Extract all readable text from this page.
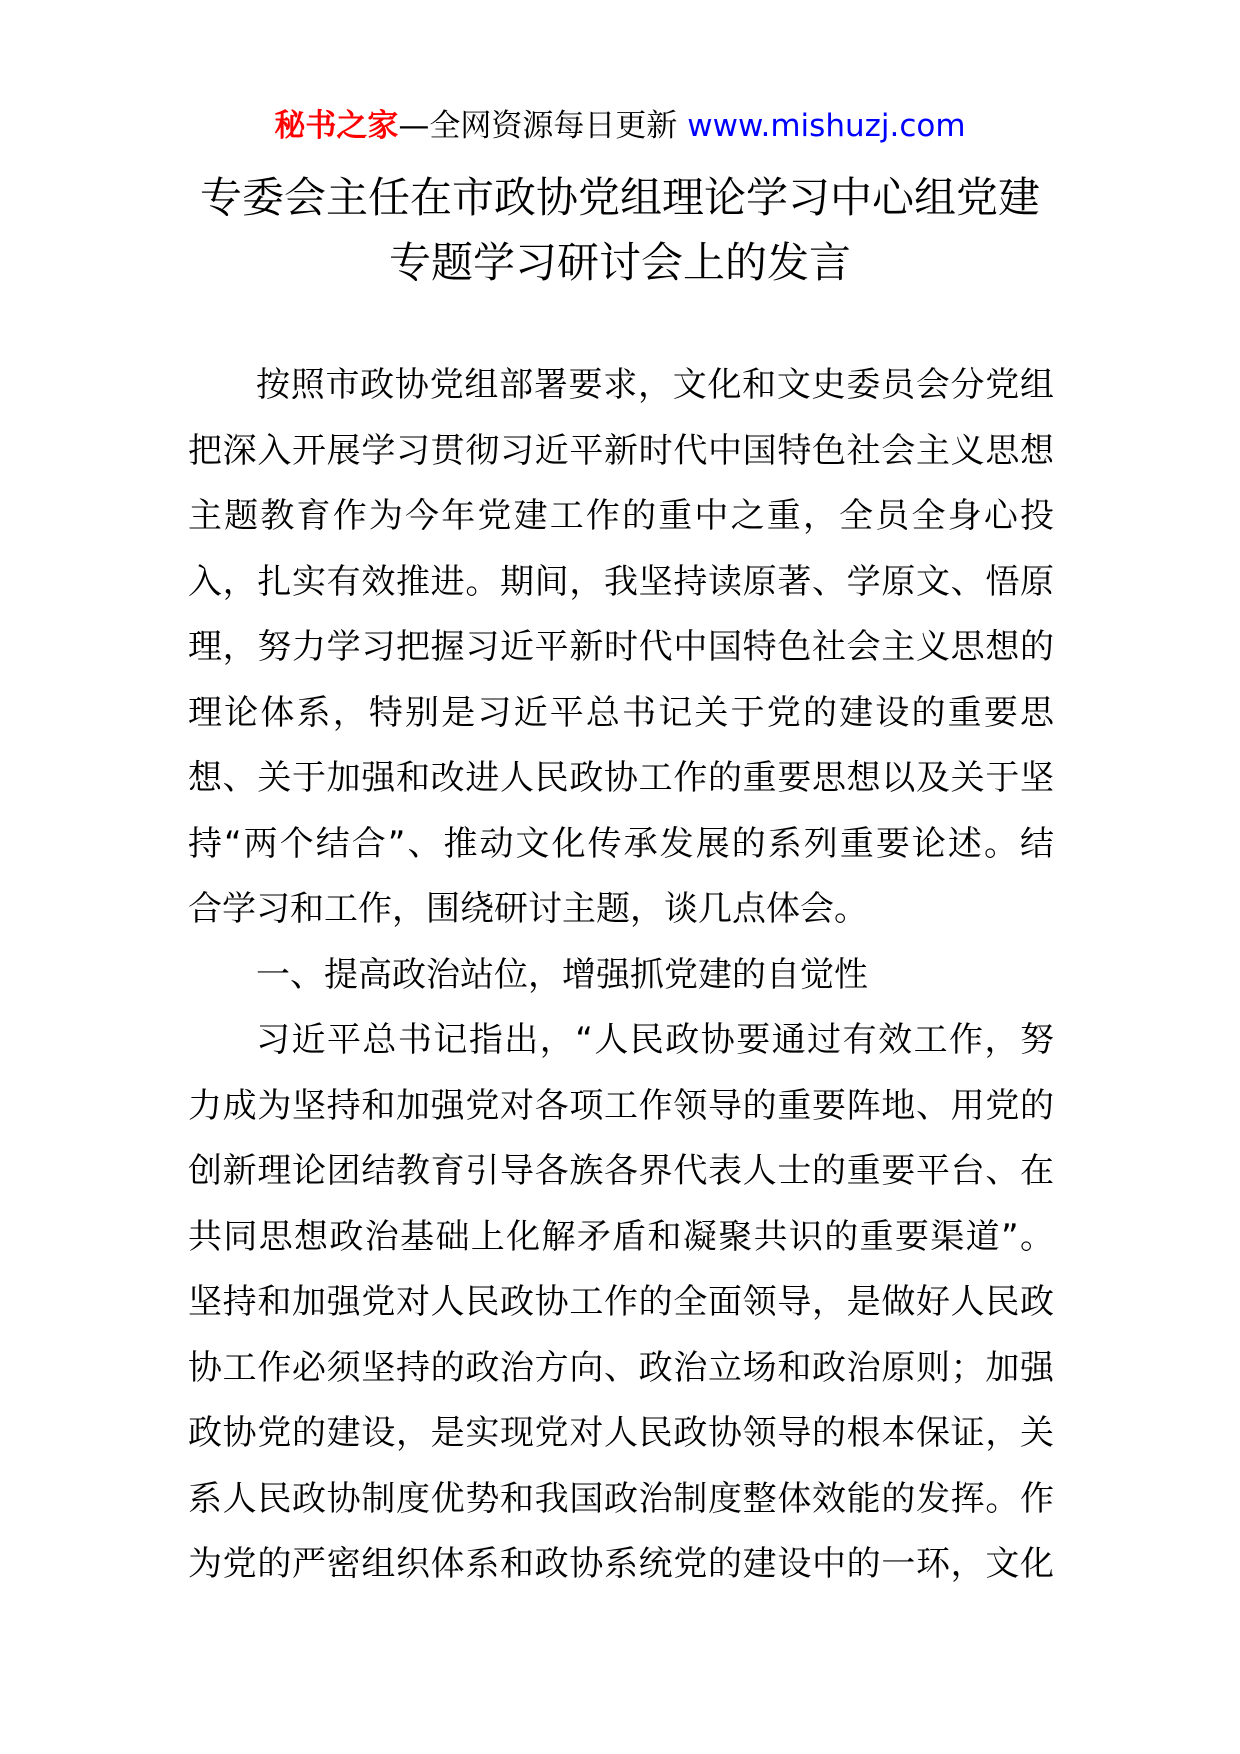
秘书之家—全网资源每日更新 www.mishuzj.com
专委会主任在市政协党组理论学习中心组党建
专题学习研讨会上的发言
按照市政协党组部署要求，文化和文史委员会分党组
把深入开展学习贯彻习近平新时代中国特色社会主义思想
主题教育作为今年党建工作的重中之重，全员全身心投
入，扎实有效推进。期间，我坚持读原著、学原文、悟原
理，努力学习把握习近平新时代中国特色社会主义思想的
理论体系，特别是习近平总书记关于党的建设的重要思
想、关于加强和改进人民政协工作的重要思想以及关于坚
持“两个结合”、推动文化传承发展的系列重要论述。结
合学习和工作，围绕研讨主题，谈几点体会。
一、提高政治站位，增强抓党建的自觉性
习近平总书记指出，“人民政协要通过有效工作，努
力成为坚持和加强党对各项工作领导的重要阵地、用党的
创新理论团结教育引导各族各界代表人士的重要平台、在
共同思想政治基础上化解矛盾和凝聚共识的重要渠道”。
坚持和加强党对人民政协工作的全面领导，是做好人民政
协工作必须坚持的政治方向、政治立场和政治原则；加强
政协党的建设，是实现党对人民政协领导的根本保证，关
系人民政协制度优势和我国政治制度整体效能的发挥。作
为党的严密组织体系和政协系统党的建设中的一环，文化
